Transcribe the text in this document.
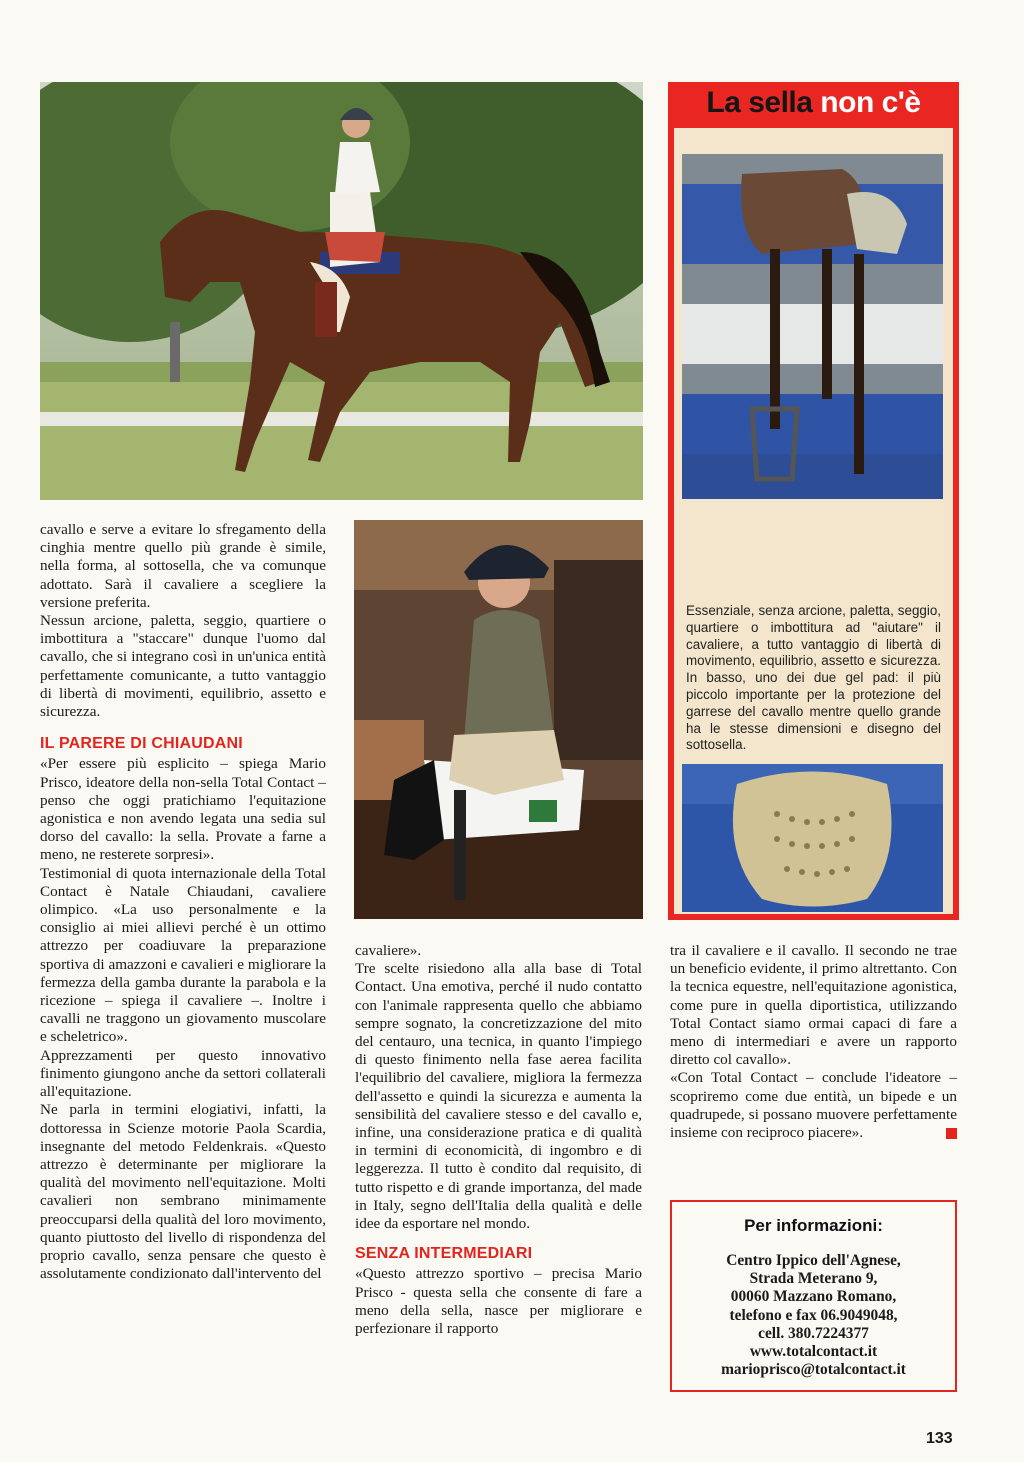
La sella non c'è
Essenziale, senza arcione, paletta, seggio, quartiere o imbottitura ad "aiutare" il cavaliere, a tutto vantaggio di libertà di movimento, equilibrio, assetto e sicurezza. In basso, uno dei due gel pad: il più piccolo importante per la protezione del garrese del cavallo mentre quello grande ha le stesse dimensioni e disegno del sottosella.

cavallo e serve a evitare lo sfregamento della cinghia mentre quello più grande è simile, nella forma, al sottosella, che va comunque adottato. Sarà il cavaliere a scegliere la versione preferita.

Nessun arcione, paletta, seggio, quartiere o imbottitura a "staccare" dunque l'uomo dal cavallo, che si integrano così in un'unica entità perfettamente comunicante, a tutto vantaggio di libertà di movimenti, equilibrio, assetto e sicurezza.

IL PARERE DI CHIAUDANI

«Per essere più esplicito – spiega Mario Prisco, ideatore della non-sella Total Contact – penso che oggi pratichiamo l'equitazione agonistica e non avendo legata una sedia sul dorso del cavallo: la sella. Provate a farne a meno, ne resterete sorpresi».

Testimonial di quota internazionale della Total Contact è Natale Chiaudani, cavaliere olimpico. «La uso personalmente e la consiglio ai miei allievi perché è un ottimo attrezzo per coadiuvare la preparazione sportiva di amazzoni e cavalieri e migliorare la fermezza della gamba durante la parabola e la ricezione – spiega il cavaliere –. Inoltre i cavalli ne traggono un giovamento muscolare e scheletrico».

Apprezzamenti per questo innovativo finimento giungono anche da settori collaterali all'equitazione.

Ne parla in termini elogiativi, infatti, la dottoressa in Scienze motorie Paola Scardia, insegnante del metodo Feldenkrais. «Questo attrezzo è determinante per migliorare la qualità del movimento nell'equitazione. Molti cavalieri non sembrano minimamente preoccuparsi della qualità del loro movimento, quanto piuttosto del livello di rispondenza del proprio cavallo, senza pensare che questo è assolutamente condizionato dall'intervento del

cavaliere».

Tre scelte risiedono alla alla base di Total Contact. Una emotiva, perché il nudo contatto con l'animale rappresenta quello che abbiamo sempre sognato, la concretizzazione del mito del centauro, una tecnica, in quanto l'impiego di questo finimento nella fase aerea facilita l'equilibrio del cavaliere, migliora la fermezza dell'assetto e quindi la sicurezza e aumenta la sensibilità del cavaliere stesso e del cavallo e, infine, una considerazione pratica e di qualità in termini di economicità, di ingombro e di leggerezza. Il tutto è condito dal requisito, di tutto rispetto e di grande importanza, del made in Italy, segno dell'Italia della qualità e delle idee da esportare nel mondo.

SENZA INTERMEDIARI

«Questo attrezzo sportivo – precisa Mario Prisco - questa sella che consente di fare a meno della sella, nasce per migliorare e perfezionare il rapporto

tra il cavaliere e il cavallo. Il secondo ne trae un beneficio evidente, il primo altrettanto. Con la tecnica equestre, nell'equitazione agonistica, come pure in quella diportistica, utilizzando Total Contact siamo ormai capaci di fare a meno di intermediari e avere un rapporto diretto col cavallo».

«Con Total Contact – conclude l'ideatore – scopriremo come due entità, un bipede e un quadrupede, si possano muovere perfettamente insieme con reciproco piacere».

Per informazioni:
Centro Ippico dell'Agnese,
Strada Meterano 9,
00060 Mazzano Romano,
telefono e fax 06.9049048,
cell. 380.7224377
www.totalcontact.it
marioprisco@totalcontact.it
133
